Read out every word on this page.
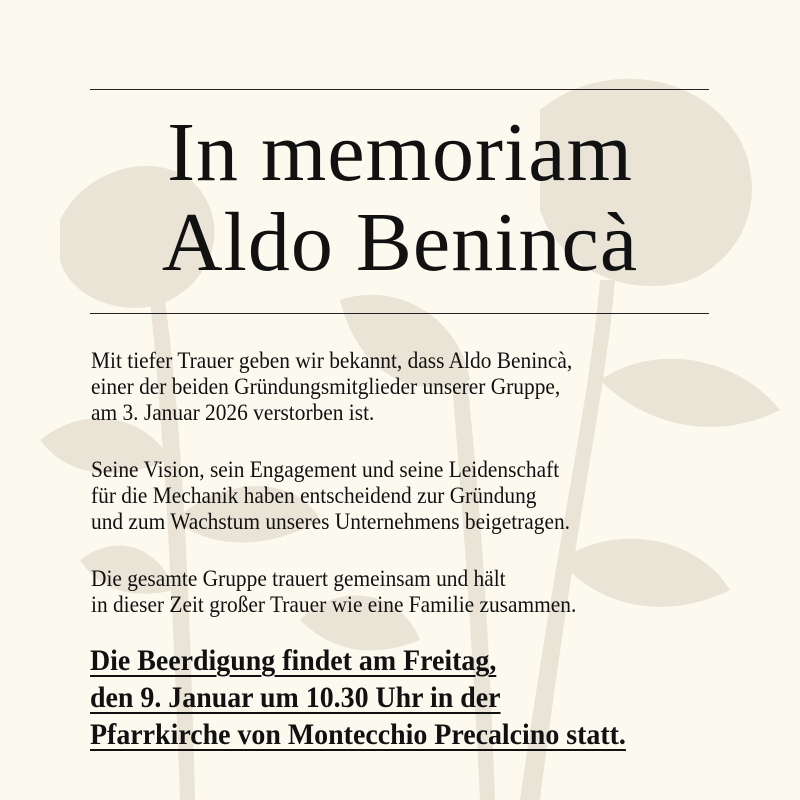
In memoriam
Aldo Benincà
Mit tiefer Trauer geben wir bekannt, dass Aldo Benincà,
einer der beiden Gründungsmitglieder unserer Gruppe,
am 3. Januar 2026 verstorben ist.
Seine Vision, sein Engagement und seine Leidenschaft
für die Mechanik haben entscheidend zur Gründung
und zum Wachstum unseres Unternehmens beigetragen.
Die gesamte Gruppe trauert gemeinsam und hält
in dieser Zeit großer Trauer wie eine Familie zusammen.
Die Beerdigung findet am Freitag,
den 9. Januar um 10.30 Uhr in der
Pfarrkirche von Montecchio Precalcino statt.
